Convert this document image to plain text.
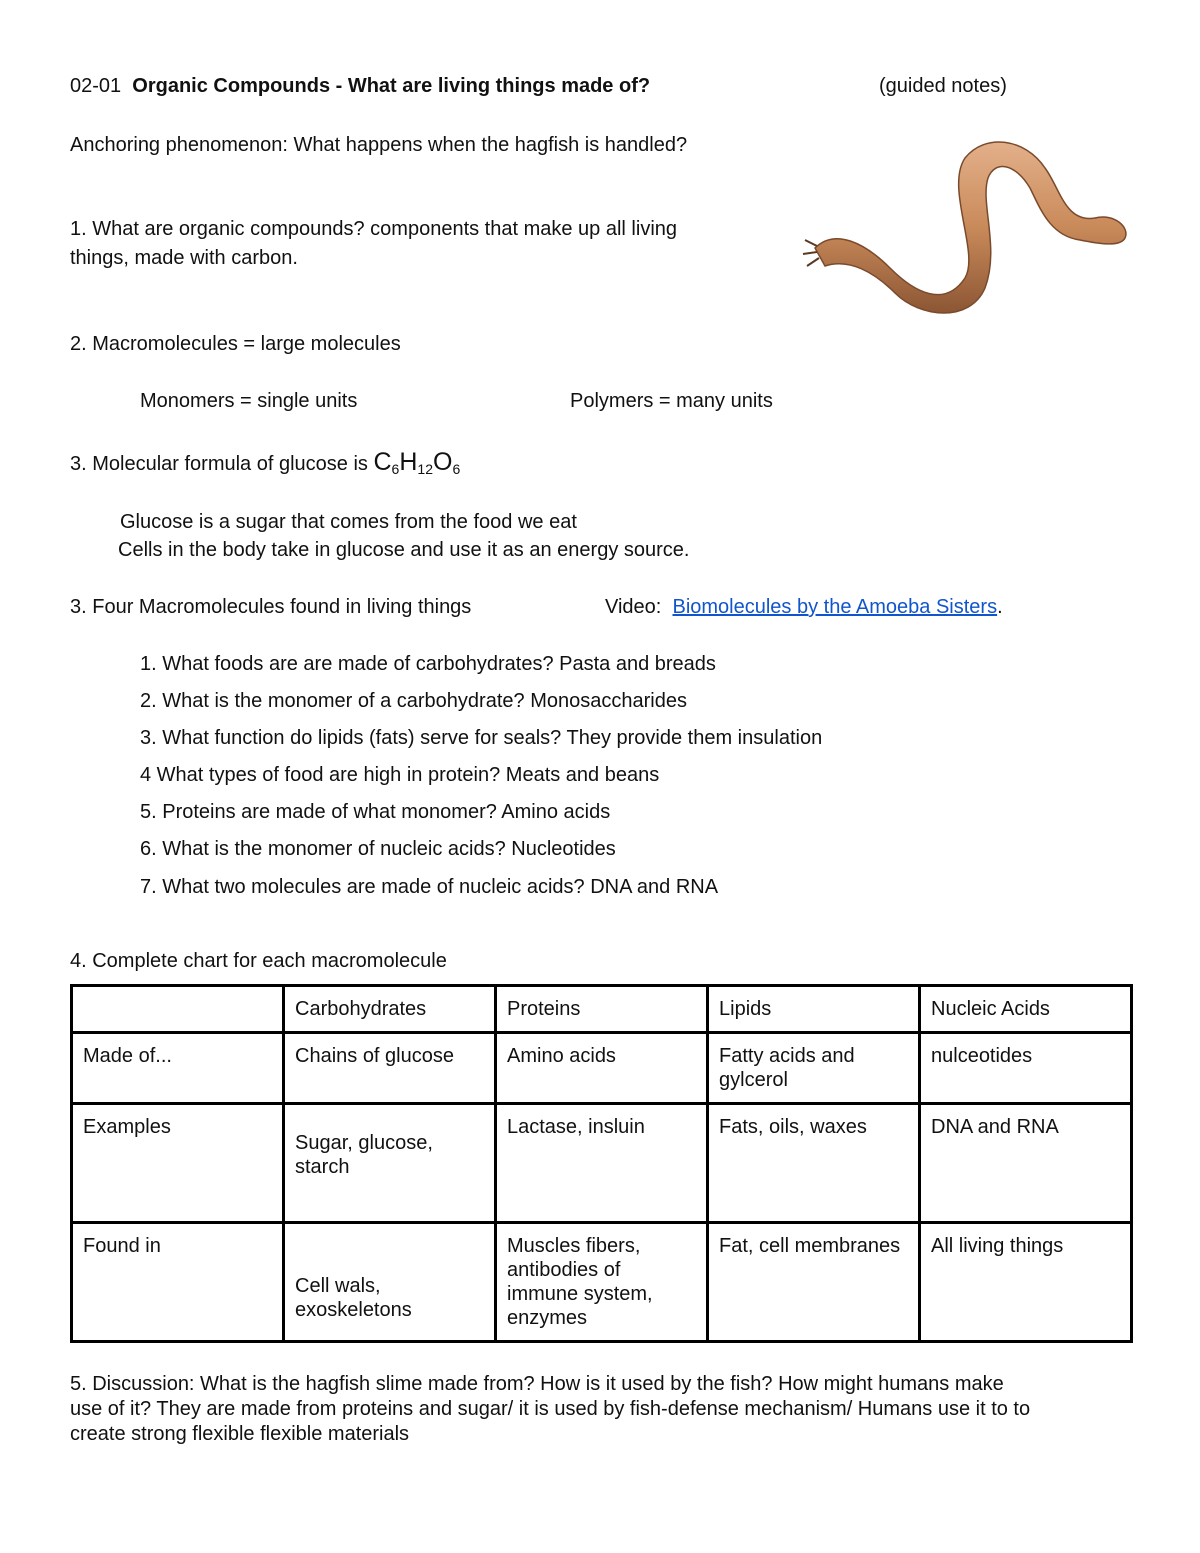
02-01 Organic Compounds - What are living things made of?	(guided notes)
Anchoring phenomenon: What happens when the hagfish is handled?
1. What are organic compounds? components that make up all living
things, made with carbon.
2. Macromolecules = large molecules
Monomers = single units	Polymers = many units
3. Molecular formula of glucose is $C_6H_{12}O_6$
Glucose is a sugar that comes from the food we eat
Cells in the body take in glucose and use it as an energy source.
3. Four Macromolecules found in living things	Video: Biomolecules by the Amoeba Sisters.
1. What foods are are made of carbohydrates? Pasta and breads
2. What is the monomer of a carbohydrate? Monosaccharides
3. What function do lipids (fats) serve for seals? They provide them insulation
4 What types of food are high in protein? Meats and beans
5. Proteins are made of what monomer? Amino acids
6. What is the monomer of nucleic acids? Nucleotides
7. What two molecules are made of nucleic acids? DNA and RNA
4. Complete chart for each macromolecule
	Carbohydrates	Proteins	Lipids	Nucleic Acids
Made of...	Chains of glucose	Amino acids	Fatty acids and gylcerol	nulceotides
Examples	Sugar, glucose, starch	Lactase, insluin	Fats, oils, waxes	DNA and RNA
Found in	Cell wals, exoskeletons	Muscles fibers, antibodies of immune system, enzymes	Fat, cell membranes	All living things
5. Discussion: What is the hagfish slime made from? How is it used by the fish? How might humans make
use of it? They are made from proteins and sugar/ it is used by fish-defense mechanism/ Humans use it to to
create strong flexible flexible materials
